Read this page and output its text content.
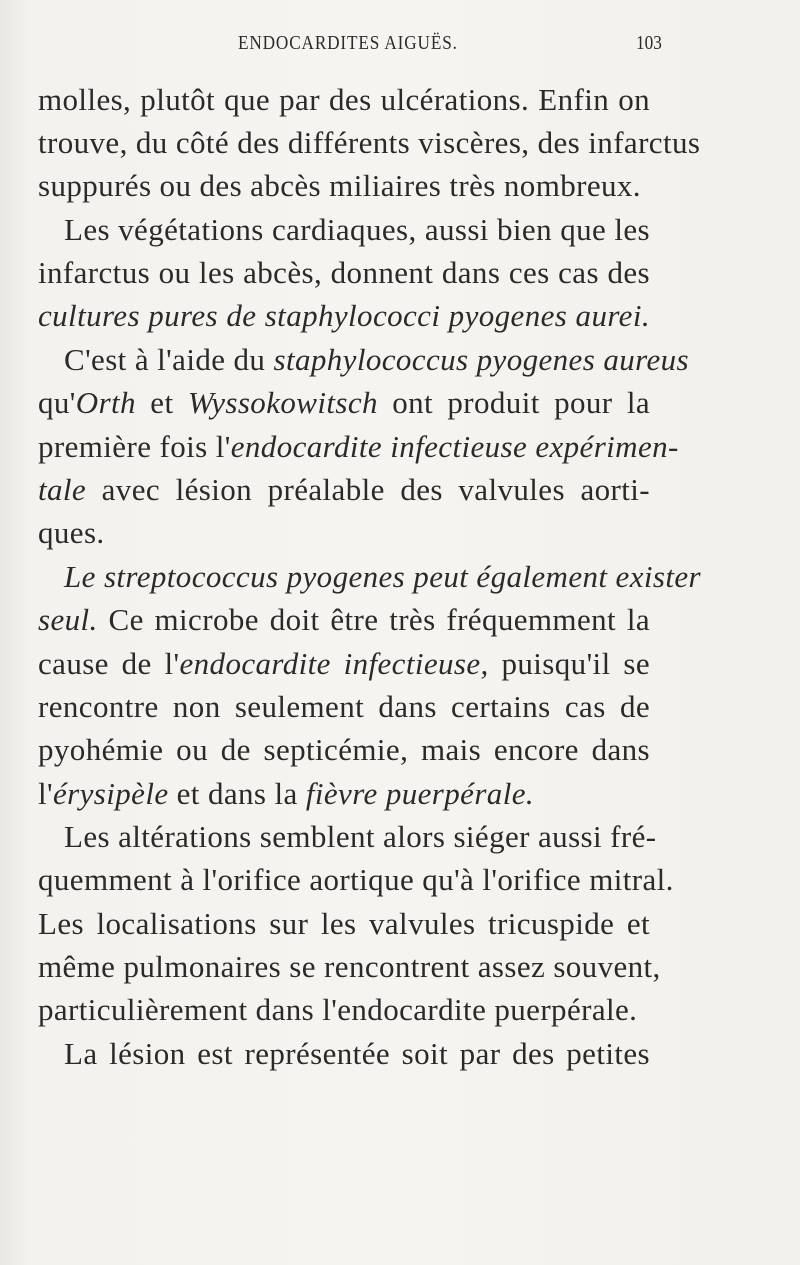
ENDOCARDITES AIGUËS.	103
molles, plutôt que par des ulcérations. Enfin on
trouve, du côté des différents viscères, des infarctus
suppurés ou des abcès miliaires très nombreux.
Les végétations cardiaques, aussi bien que les
infarctus ou les abcès, donnent dans ces cas des
cultures pures de staphylococci pyogenes aurei.
C'est à l'aide du staphylococcus pyogenes aureus
qu'Orth et Wyssokowitsch ont produit pour la
première fois l'endocardite infectieuse expérimen-
tale avec lésion préalable des valvules aorti-
ques.
Le streptococcus pyogenes peut également exister
seul. Ce microbe doit être très fréquemment la
cause de l'endocardite infectieuse, puisqu'il se
rencontre non seulement dans certains cas de
pyohémie ou de septicémie, mais encore dans
l'érysipèle et dans la fièvre puerpérale.
Les altérations semblent alors siéger aussi fré-
quemment à l'orifice aortique qu'à l'orifice mitral.
Les localisations sur les valvules tricuspide et
même pulmonaires se rencontrent assez souvent,
particulièrement dans l'endocardite puerpérale.
La lésion est représentée soit par des petites
